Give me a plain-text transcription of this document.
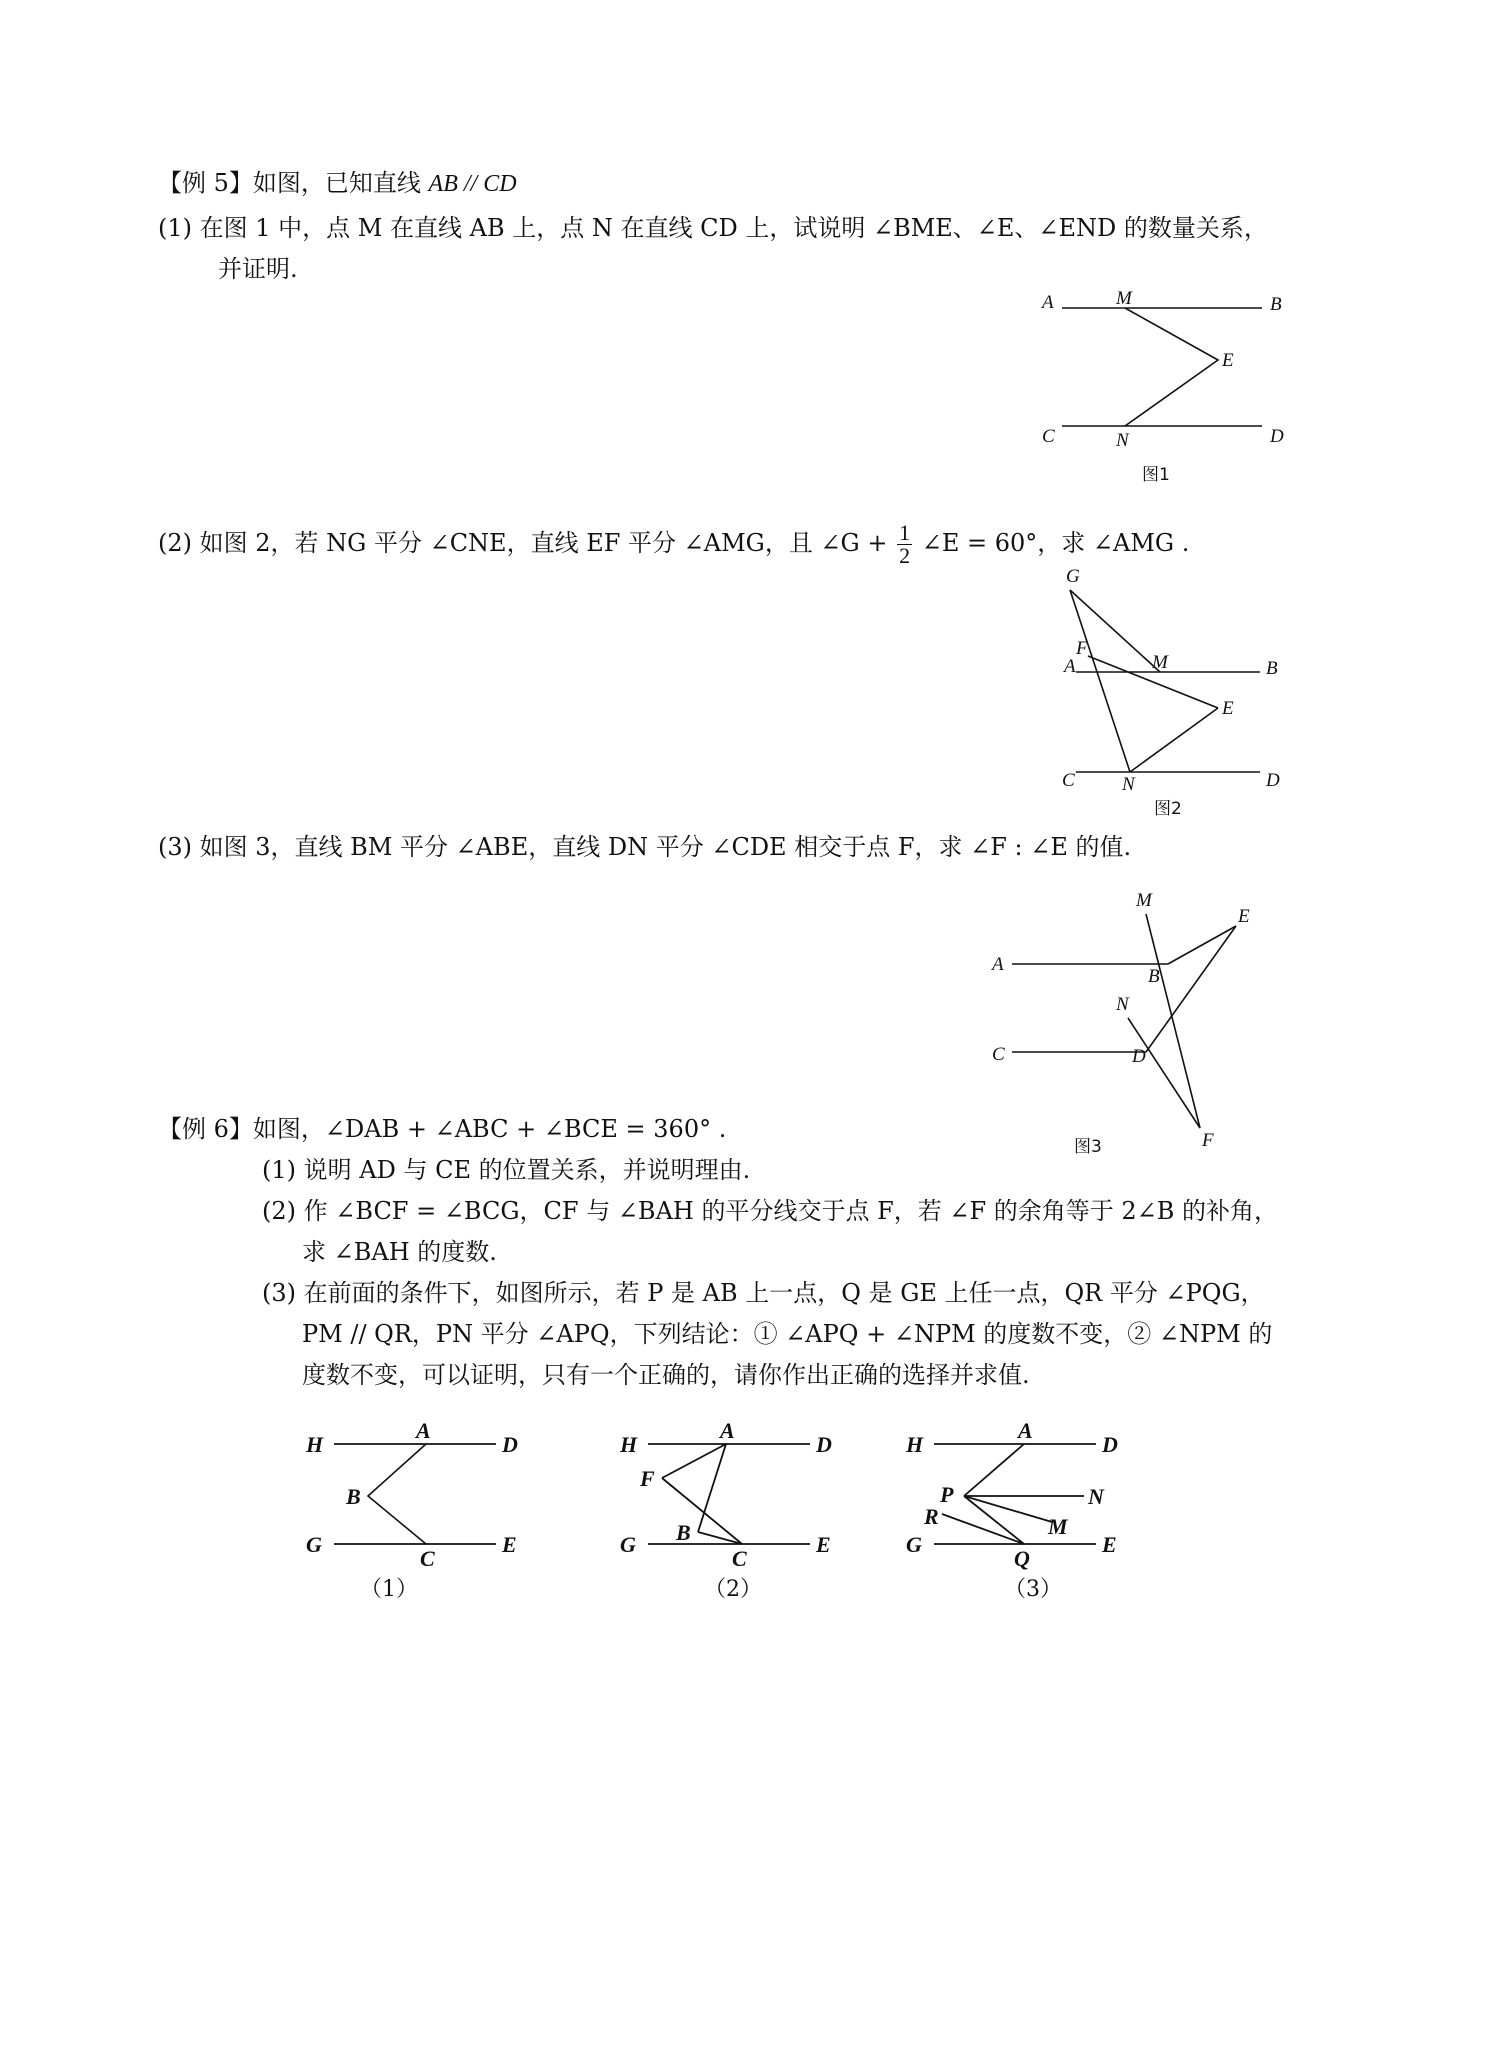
【例 5】如图，已知直线 AB // CD
(1) 在图 1 中，点 M 在直线 AB 上，点 N 在直线 CD 上，试说明 ∠BME、∠E、∠END 的数量关系，
并证明.
A	M	B
E
C	N	D
图1
(2) 如图 2，若 NG 平分 ∠CNE，直线 EF 平分 ∠AMG，且 ∠G + $\frac{1}{2}$ ∠E = 60°，求 ∠AMG .
G
F
A	M	B
E
C N	D
图2
(3) 如图 3，直线 BM 平分 ∠ABE，直线 DN 平分 ∠CDE 相交于点 F，求 ∠F : ∠E 的值.
M
E
A
B
N
C	D
F
图3
【例 6】如图，∠DAB + ∠ABC + ∠BCE = 360° .
(1) 说明 AD 与 CE 的位置关系，并说明理由.
(2) 作 ∠BCF = ∠BCG，CF 与 ∠BAH 的平分线交于点 F，若 ∠F 的余角等于 2∠B 的补角，
求 ∠BAH 的度数.
(3) 在前面的条件下，如图所示，若 P 是 AB 上一点，Q 是 GE 上任一点，QR 平分 ∠PQG，
PM // QR，PN 平分 ∠APQ，下列结论：① ∠APQ + ∠NPM 的度数不变，② ∠NPM 的
度数不变，可以证明，只有一个正确的，请你作出正确的选择并求值.
H
A
D
B
G
C
E
（1）
H
A
D
F
B
G
C
E
（2）
H
A
D
P	N
R	M
G
Q
E
（3）
